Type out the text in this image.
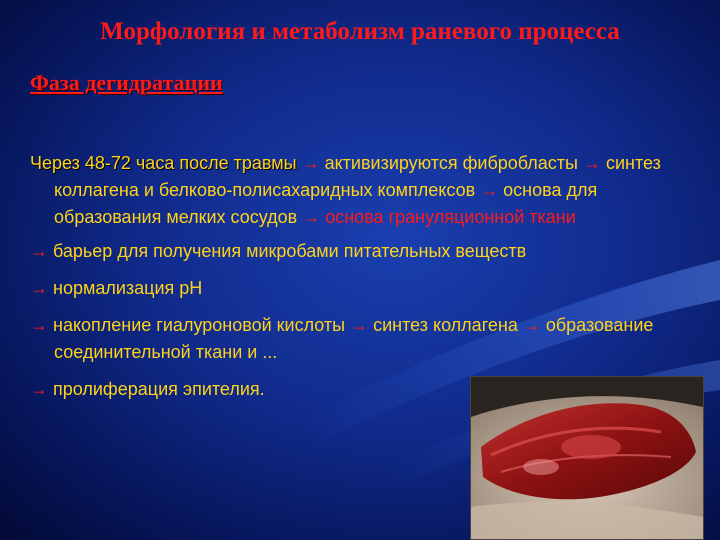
Морфология и метаболизм раневого процесса
Фаза дегидратации

Через 48-72 часа после травмы → активизируются фибробласты → синтез коллагена и белково-полисахаридных комплексов → основа для образования мелких сосудов → основа грануляционной ткани

→ барьер для получения микробами питательных веществ

→ нормализация рН

→ накопление гиалуроновой кислоты → синтез коллагена → образование соединительной ткани и ...

→ пролиферация эпителия.
